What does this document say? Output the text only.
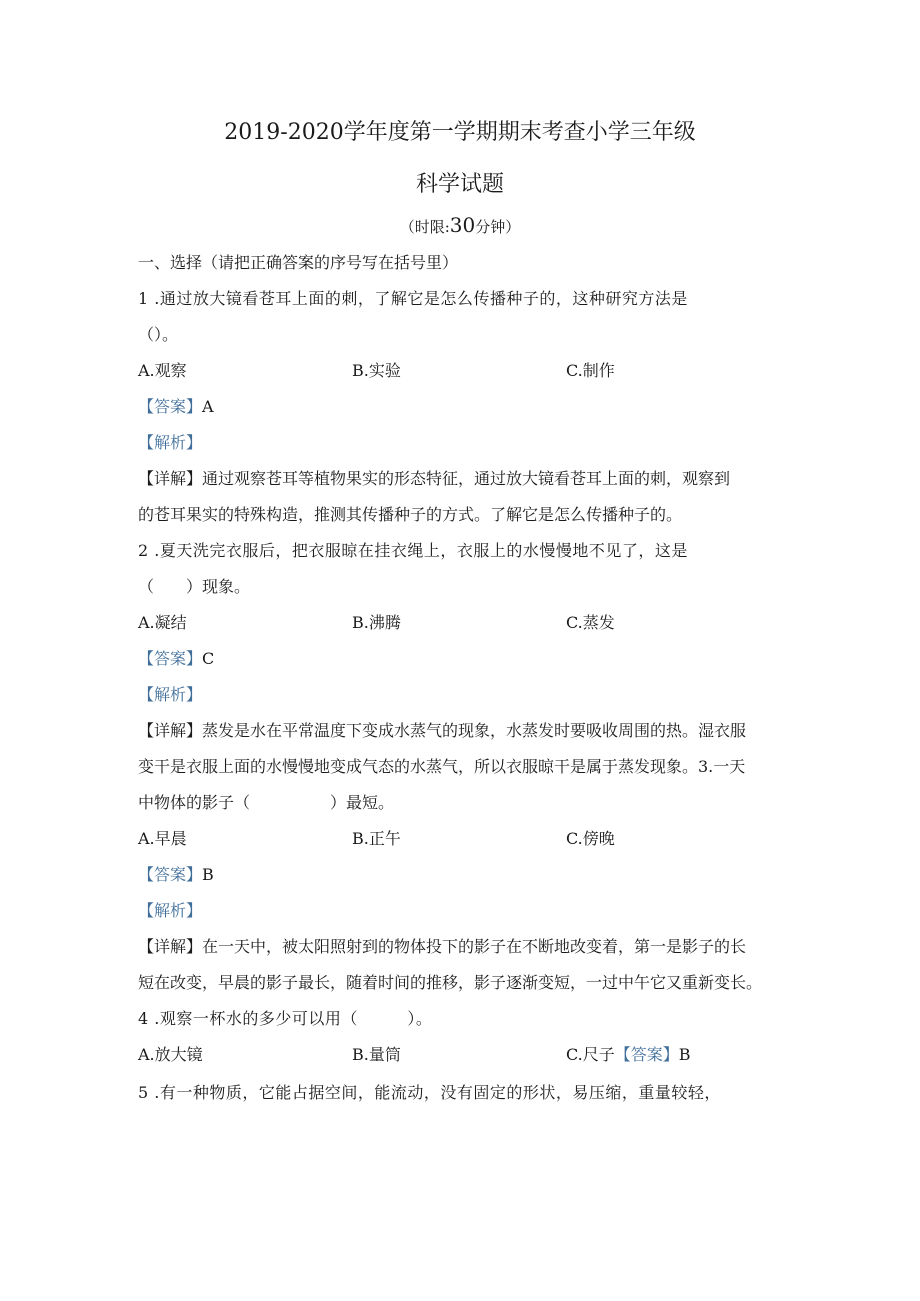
2019-2020学年度第一学期期末考查小学三年级
科学试题
（时限:30分钟）
一、选择（请把正确答案的序号写在括号里）
1 .通过放大镜看苍耳上面的刺，了解它是怎么传播种子的，这种研究方法是
（）。
A.观察	B.实验	C.制作
【答案】A
【解析】
【详解】通过观察苍耳等植物果实的形态特征，通过放大镜看苍耳上面的刺，观察到
的苍耳果实的特殊构造，推测其传播种子的方式。了解它是怎么传播种子的。
2 .夏天洗完衣服后，把衣服晾在挂衣绳上，衣服上的水慢慢地不见了，这是
（　　）现象。
A.凝结	B.沸腾	C.蒸发
【答案】C
【解析】
【详解】蒸发是水在平常温度下变成水蒸气的现象，水蒸发时要吸收周围的热。湿衣服
变干是衣服上面的水慢慢地变成气态的水蒸气，所以衣服晾干是属于蒸发现象。3.一天
中物体的影子（　　　　　）最短。
A.早晨	B.正午	C.傍晚
【答案】B
【解析】
【详解】在一天中，被太阳照射到的物体投下的影子在不断地改变着，第一是影子的长
短在改变，早晨的影子最长，随着时间的推移，影子逐渐变短，一过中午它又重新变长。
4 .观察一杯水的多少可以用（　　　）。
A.放大镜	B.量筒	C.尺子【答案】B
5 .有一种物质，它能占据空间，能流动，没有固定的形状，易压缩，重量较轻，
